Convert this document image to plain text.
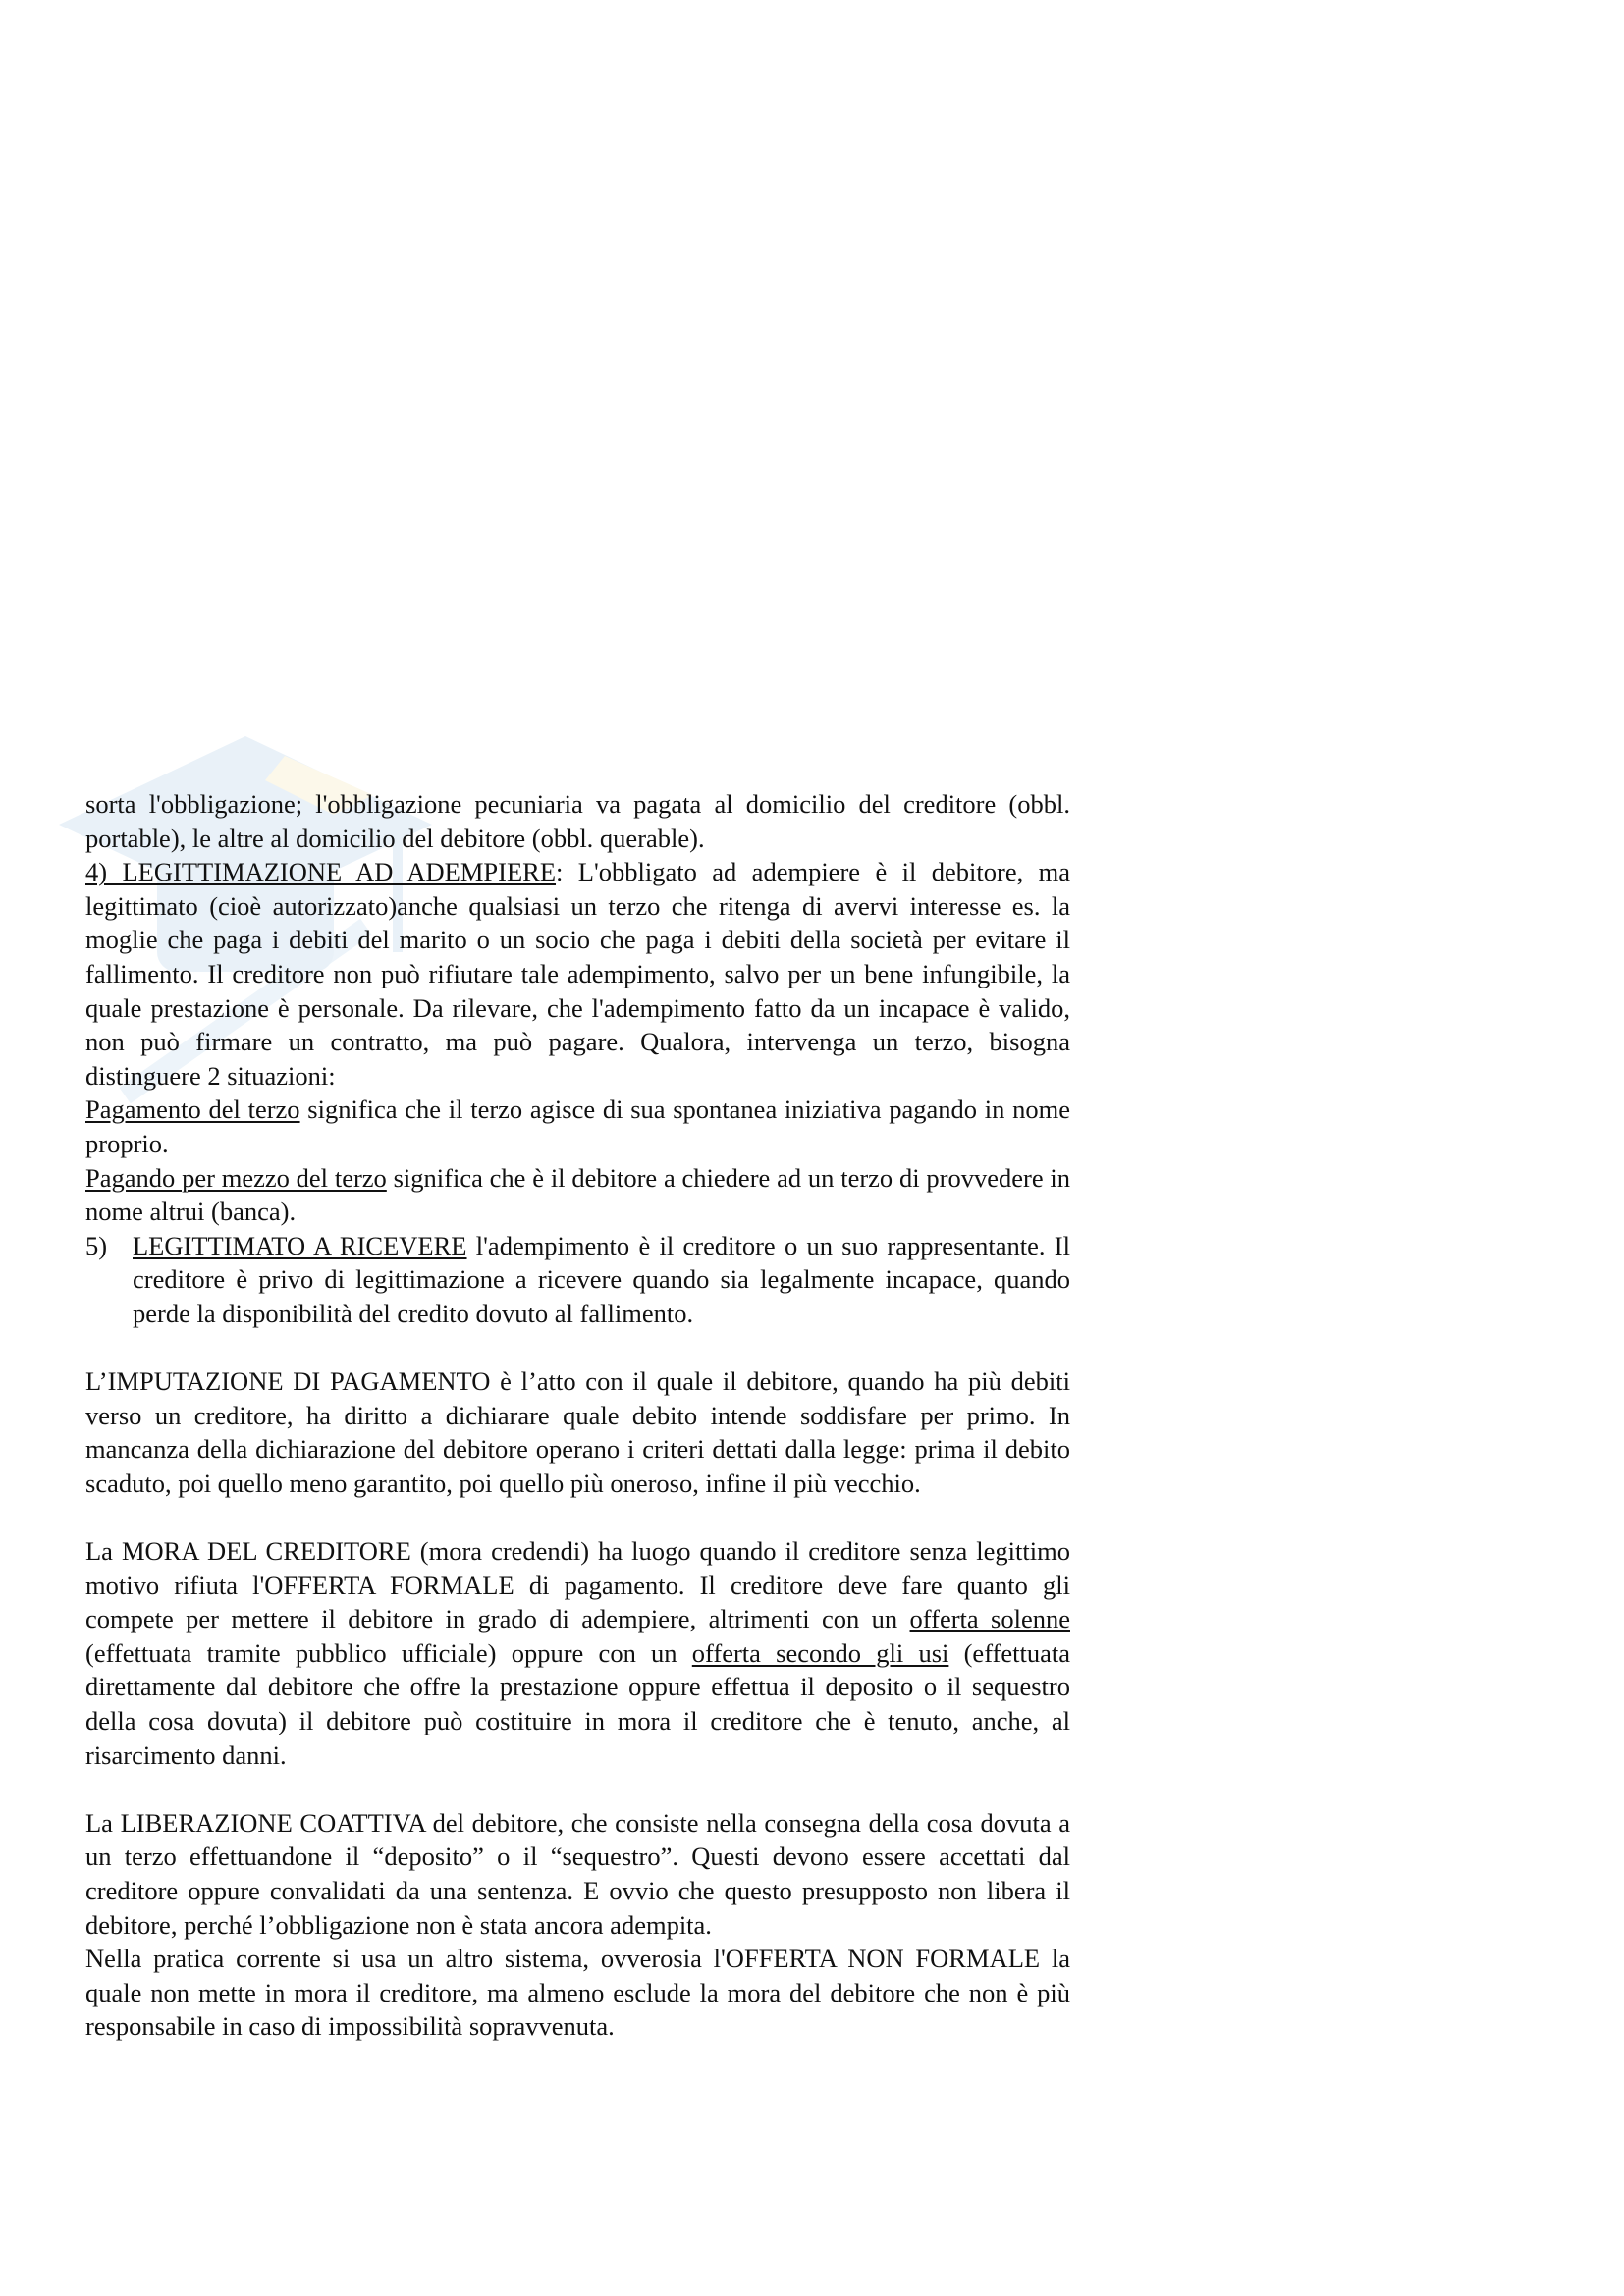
sorta l'obbligazione; l'obbligazione pecuniaria va pagata al domicilio del creditore (obbl. portable), le altre al domicilio del debitore (obbl. querable).

4) LEGITTIMAZIONE AD ADEMPIERE: L'obbligato ad adempiere è il debitore, ma legittimato (cioè autorizzato)anche qualsiasi un terzo che ritenga di avervi interesse es. la moglie che paga i debiti del marito o un socio che paga i debiti della società per evitare il fallimento. Il creditore non può rifiutare tale adempimento, salvo per un bene infungibile, la quale prestazione è personale. Da rilevare, che l'adempimento fatto da un incapace è valido, non può firmare un contratto, ma può pagare. Qualora, intervenga un terzo, bisogna distinguere 2 situazioni:

Pagamento del terzo significa che il terzo agisce di sua spontanea iniziativa pagando in nome proprio.

Pagando per mezzo del terzo significa che è il debitore a chiedere ad un terzo di provvedere in nome altrui (banca).

5) LEGITTIMATO A RICEVERE l'adempimento è il creditore o un suo rappresentante. Il creditore è privo di legittimazione a ricevere quando sia legalmente incapace, quando perde la disponibilità del credito dovuto al fallimento.

L’IMPUTAZIONE DI PAGAMENTO è l’atto con il quale il debitore, quando ha più debiti verso un creditore, ha diritto a dichiarare quale debito intende soddisfare per primo. In mancanza della dichiarazione del debitore operano i criteri dettati dalla legge: prima il debito scaduto, poi quello meno garantito, poi quello più oneroso, infine il più vecchio.

La MORA DEL CREDITORE (mora credendi) ha luogo quando il creditore senza legittimo motivo rifiuta l'OFFERTA FORMALE di pagamento. Il creditore deve fare quanto gli compete per mettere il debitore in grado di adempiere, altrimenti con un offerta solenne (effettuata tramite pubblico ufficiale) oppure con un offerta secondo gli usi (effettuata direttamente dal debitore che offre la prestazione oppure effettua il deposito o il sequestro della cosa dovuta) il debitore può costituire in mora il creditore che è tenuto, anche, al risarcimento danni.

La LIBERAZIONE COATTIVA del debitore, che consiste nella consegna della cosa dovuta a un terzo effettuandone il “deposito” o il “sequestro”. Questi devono essere accettati dal creditore oppure convalidati da una sentenza. E ovvio che questo presupposto non libera il debitore, perché l’obbligazione non è stata ancora adempita.

Nella pratica corrente si usa un altro sistema, ovverosia l'OFFERTA NON FORMALE la quale non mette in mora il creditore, ma almeno esclude la mora del debitore che non è più responsabile in caso di impossibilità sopravvenuta.
